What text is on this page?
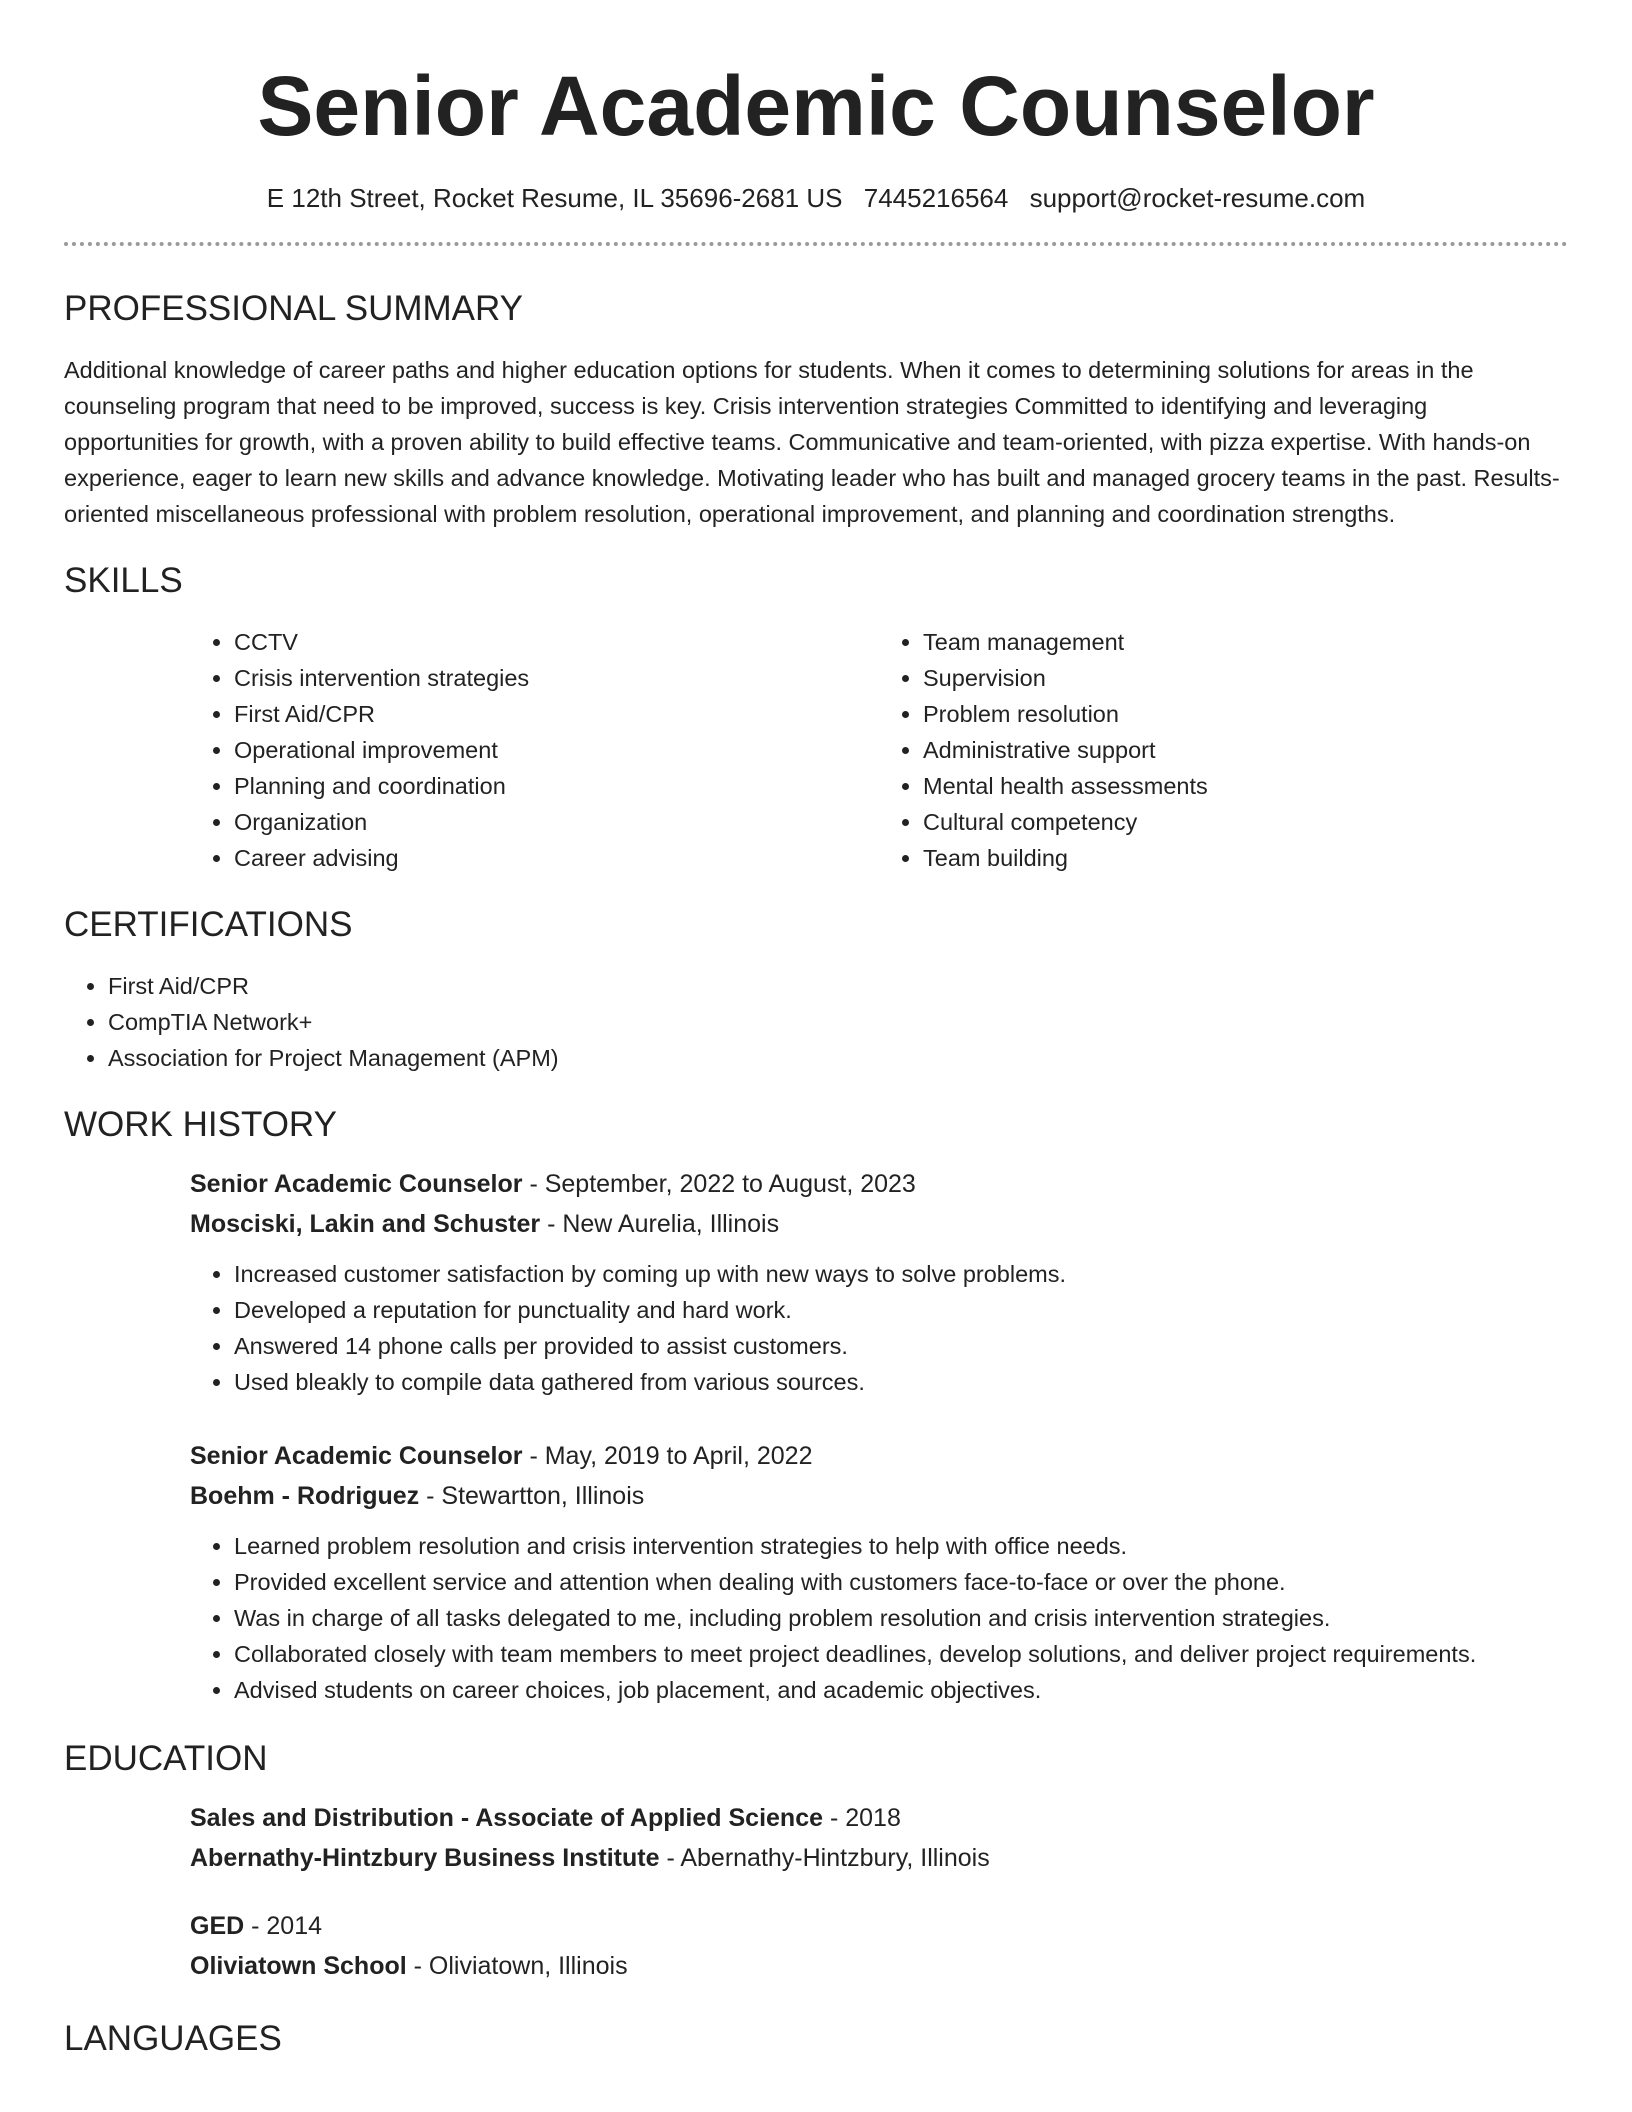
Senior Academic Counselor
E 12th Street, Rocket Resume, IL 35696-2681 US 7445216564 support@rocket-resume.com
PROFESSIONAL SUMMARY

Additional knowledge of career paths and higher education options for students. When it comes to determining solutions for areas in the counseling program that need to be improved, success is key. Crisis intervention strategies Committed to identifying and leveraging opportunities for growth, with a proven ability to build effective teams. Communicative and team-oriented, with pizza expertise. With hands-on experience, eager to learn new skills and advance knowledge. Motivating leader who has built and managed grocery teams in the past. Results-oriented miscellaneous professional with problem resolution, operational improvement, and planning and coordination strengths.

SKILLS
• CCTV
• Crisis intervention strategies
• First Aid/CPR
• Operational improvement
• Planning and coordination
• Organization
• Career advising
• Team management
• Supervision
• Problem resolution
• Administrative support
• Mental health assessments
• Cultural competency
• Team building
CERTIFICATIONS
• First Aid/CPR
• CompTIA Network+
• Association for Project Management (APM)
WORK HISTORY

Senior Academic Counselor - September, 2022 to August, 2023

Mosciski, Lakin and Schuster - New Aurelia, Illinois

• Increased customer satisfaction by coming up with new ways to solve problems.
• Developed a reputation for punctuality and hard work.
• Answered 14 phone calls per provided to assist customers.
• Used bleakly to compile data gathered from various sources.

Senior Academic Counselor - May, 2019 to April, 2022

Boehm - Rodriguez - Stewartton, Illinois

• Learned problem resolution and crisis intervention strategies to help with office needs.
• Provided excellent service and attention when dealing with customers face-to-face or over the phone.
• Was in charge of all tasks delegated to me, including problem resolution and crisis intervention strategies.
• Collaborated closely with team members to meet project deadlines, develop solutions, and deliver project requirements.
• Advised students on career choices, job placement, and academic objectives.
EDUCATION

Sales and Distribution - Associate of Applied Science - 2018

Abernathy-Hintzbury Business Institute - Abernathy-Hintzbury, Illinois

GED - 2014

Oliviatown School - Oliviatown, Illinois

LANGUAGES
